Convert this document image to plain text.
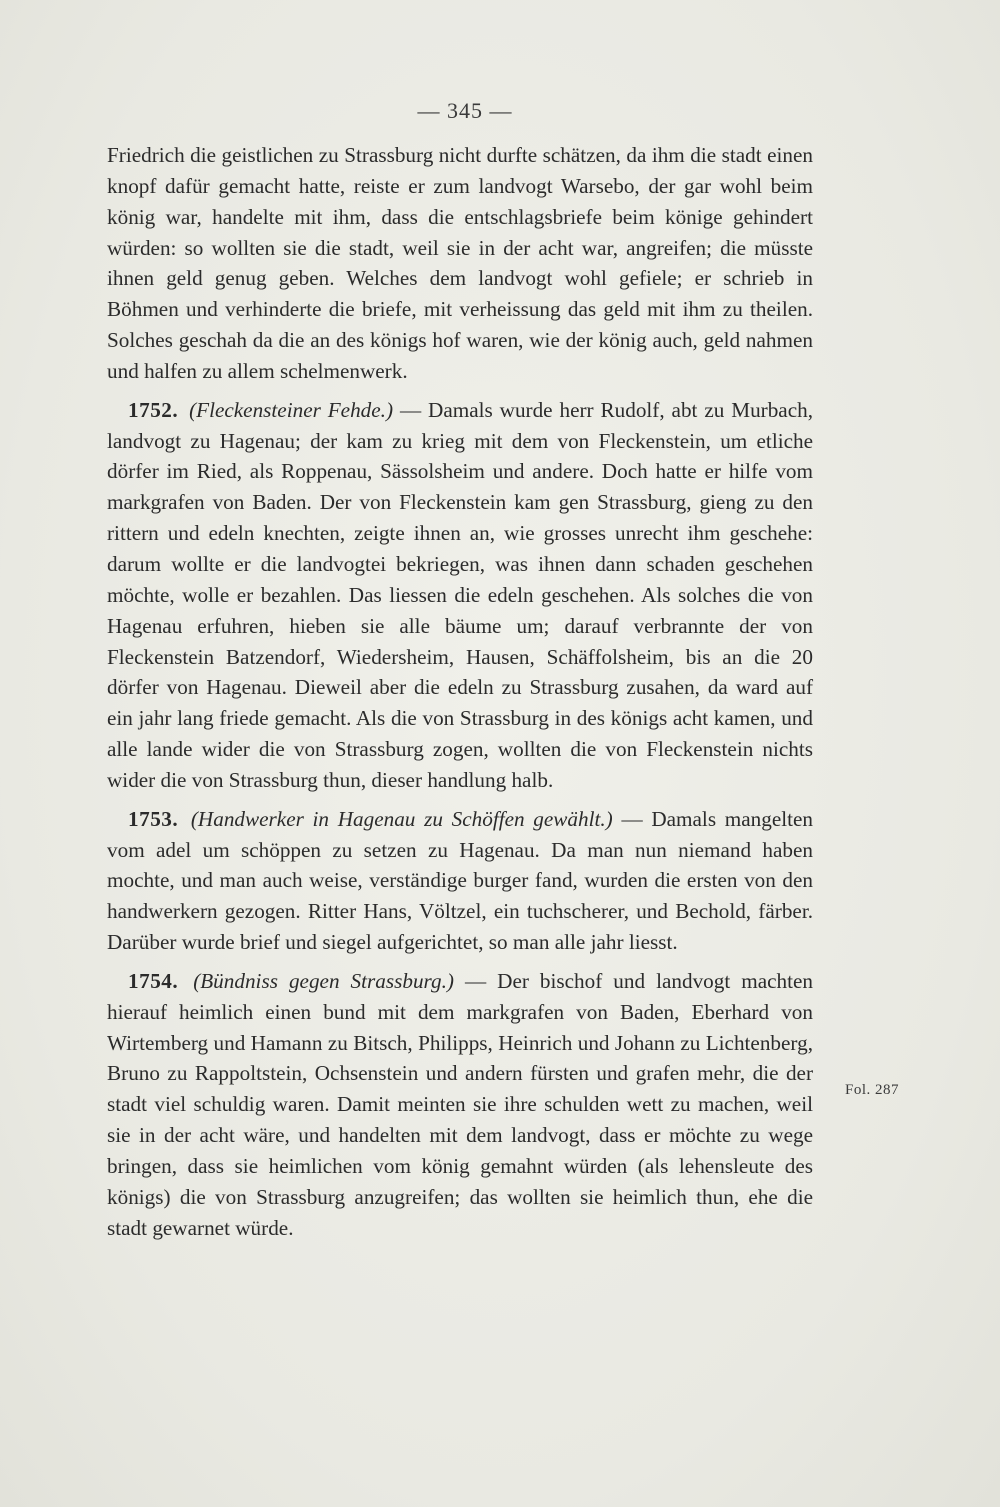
— 345 —

Friedrich die geistlichen zu Strassburg nicht durfte schätzen, da ihm die stadt einen knopf dafür gemacht hatte, reiste er zum landvogt Warsebo, der gar wohl beim könig war, handelte mit ihm, dass die entschlagsbriefe beim könige gehindert würden: so wollten sie die stadt, weil sie in der acht war, angreifen; die müsste ihnen geld genug geben. Welches dem landvogt wohl gefiele; er schrieb in Böhmen und verhinderte die briefe, mit verheissung das geld mit ihm zu theilen. Solches geschah da die an des königs hof waren, wie der könig auch, geld nahmen und halfen zu allem schelmenwerk.

1752. (Fleckensteiner Fehde.) — Damals wurde herr Rudolf, abt zu Murbach, landvogt zu Hagenau; der kam zu krieg mit dem von Fleckenstein, um etliche dörfer im Ried, als Roppenau, Sässolsheim und andere. Doch hatte er hilfe vom markgrafen von Baden. Der von Fleckenstein kam gen Strassburg, gieng zu den rittern und edeln knechten, zeigte ihnen an, wie grosses unrecht ihm geschehe: darum wollte er die landvogtei bekriegen, was ihnen dann schaden geschehen möchte, wolle er bezahlen. Das liessen die edeln geschehen. Als solches die von Hagenau erfuhren, hieben sie alle bäume um; darauf verbrannte der von Fleckenstein Batzendorf, Wiedersheim, Hausen, Schäffolsheim, bis an die 20 dörfer von Hagenau. Dieweil aber die edeln zu Strassburg zusahen, da ward auf ein jahr lang friede gemacht. Als die von Strassburg in des königs acht kamen, und alle lande wider die von Strassburg zogen, wollten die von Fleckenstein nichts wider die von Strassburg thun, dieser handlung halb.

1753. (Handwerker in Hagenau zu Schöffen gewählt.) — Damals mangelten vom adel um schöppen zu setzen zu Hagenau. Da man nun niemand haben mochte, und man auch weise, verständige burger fand, wurden die ersten von den handwerkern gezogen. Ritter Hans, Völtzel, ein tuchscherer, und Bechold, färber. Darüber wurde brief und siegel aufgerichtet, so man alle jahr liesst.

1754. (Bündniss gegen Strassburg.) — Der bischof und landvogt machten hierauf heimlich einen bund mit dem markgrafen von Baden, Eberhard von Wirtemberg und Hamann zu Bitsch, Philipps, Heinrich und Johann zu Lichtenberg, Bruno zu Rappoltstein, Ochsenstein und andern fürsten und grafen mehr, die der stadt viel schuldig waren. Damit meinten sie ihre schulden wett zu machen, weil sie in der acht wäre, und handelten mit dem landvogt, dass er möchte zu wege bringen, dass sie heimlichen vom könig gemahnt würden (als lehensleute des königs) die von Strassburg anzugreifen; das wollten sie heimlich thun, ehe die stadt gewarnet würde.

Fol. 287
